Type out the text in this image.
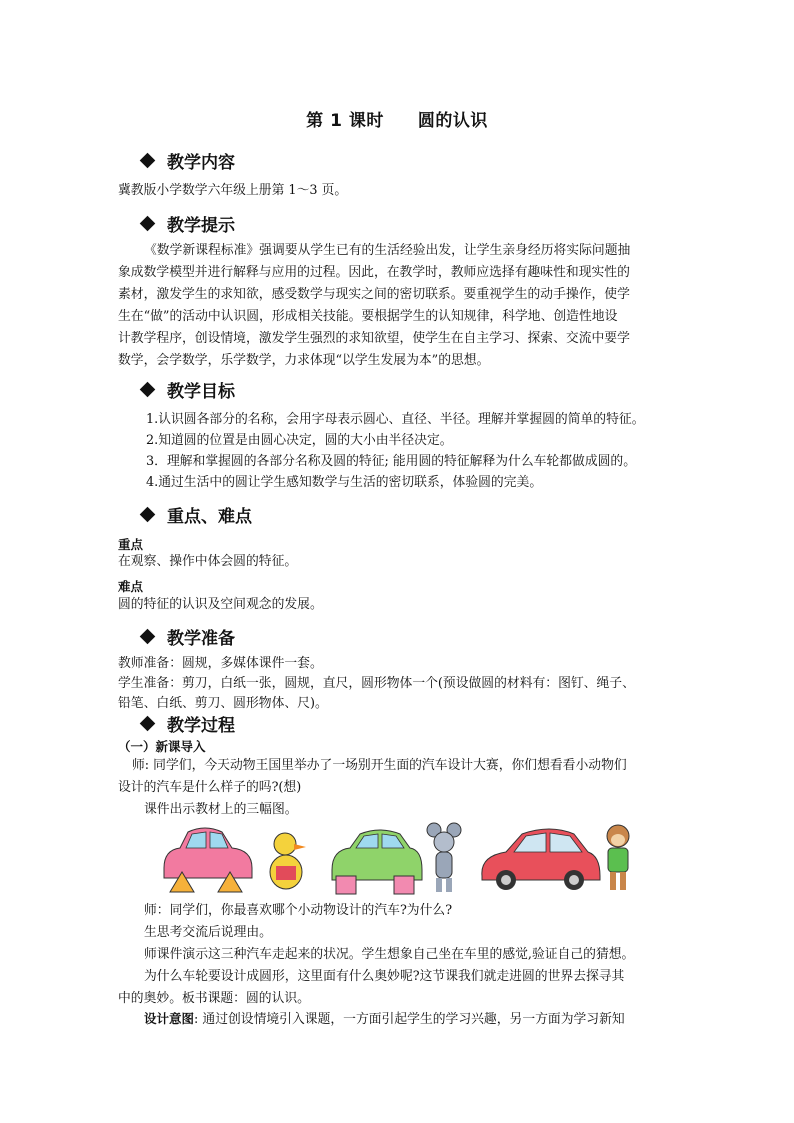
第 1 课时 圆的认识
教学内容
冀教版小学数学六年级上册第 1～3 页。
教学提示
《数学新课程标准》强调要从学生已有的生活经验出发，让学生亲身经历将实际问题抽
象成数学模型并进行解释与应用的过程。因此，在教学时，教师应选择有趣味性和现实性的
素材，激发学生的求知欲，感受数学与现实之间的密切联系。要重视学生的动手操作，使学
生在“做”的活动中认识圆，形成相关技能。要根据学生的认知规律，科学地、创造性地设
计教学程序，创设情境，激发学生强烈的求知欲望，使学生在自主学习、探索、交流中要学
数学，会学数学，乐学数学，力求体现“以学生发展为本”的思想。
教学目标
1.认识圆各部分的名称，会用字母表示圆心、直径、半径。理解并掌握圆的简单的特征。
2.知道圆的位置是由圆心决定，圆的大小由半径决定。
3．理解和掌握圆的各部分名称及圆的特征; 能用圆的特征解释为什么车轮都做成圆的。
4.通过生活中的圆让学生感知数学与生活的密切联系，体验圆的完美。
重点、难点
重点
在观察、操作中体会圆的特征。
难点
圆的特征的认识及空间观念的发展。
教学准备
教师准备：圆规，多媒体课件一套。
学生准备：剪刀，白纸一张，圆规，直尺，圆形物体一个(预设做圆的材料有：图钉、绳子、
铅笔、白纸、剪刀、圆形物体、尺)。
教学过程
（一）新课导入
师: 同学们，今天动物王国里举办了一场别开生面的汽车设计大赛，你们想看看小动物们
设计的汽车是什么样子的吗?(想)
课件出示教材上的三幅图。
师：同学们，你最喜欢哪个小动物设计的汽车?为什么?
生思考交流后说理由。
师课件演示这三种汽车走起来的状况。学生想象自己坐在车里的感觉,验证自己的猜想。
为什么车轮要设计成圆形，这里面有什么奥妙呢?这节课我们就走进圆的世界去探寻其
中的奥妙。板书课题：圆的认识。
设计意图: 通过创设情境引入课题，一方面引起学生的学习兴趣，另一方面为学习新知
